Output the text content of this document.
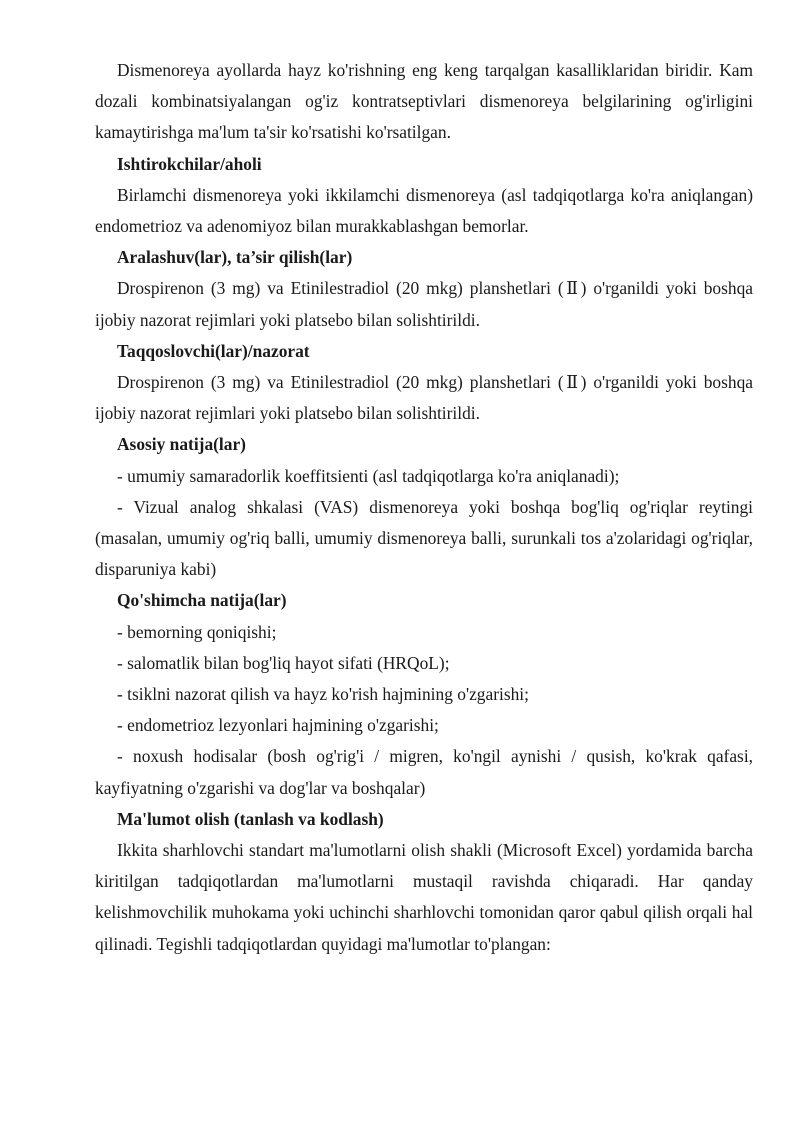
Dismenoreya ayollarda hayz ko'rishning eng keng tarqalgan kasalliklaridan biridir. Kam dozali kombinatsiyalangan og'iz kontratseptivlari dismenoreya belgilarining og'irligini kamaytirishga ma'lum ta'sir ko'rsatishi ko'rsatilgan.

Ishtirokchilar/aholi

Birlamchi dismenoreya yoki ikkilamchi dismenoreya (asl tadqiqotlarga ko'ra aniqlangan) endometrioz va adenomiyoz bilan murakkablashgan bemorlar.

Aralashuv(lar), ta’sir qilish(lar)

Drospirenon (3 mg) va Etinilestradiol (20 mkg) planshetlari (Ⅱ) o'rganildi yoki boshqa ijobiy nazorat rejimlari yoki platsebo bilan solishtirildi.

Taqqoslovchi(lar)/nazorat

Drospirenon (3 mg) va Etinilestradiol (20 mkg) planshetlari (Ⅱ) o'rganildi yoki boshqa ijobiy nazorat rejimlari yoki platsebo bilan solishtirildi.

Asosiy natija(lar)

- umumiy samaradorlik koeffitsienti (asl tadqiqotlarga ko'ra aniqlanadi);

- Vizual analog shkalasi (VAS) dismenoreya yoki boshqa bog'liq og'riqlar reytingi (masalan, umumiy og'riq balli, umumiy dismenoreya balli, surunkali tos a'zolaridagi og'riqlar, disparuniya kabi)

Qo'shimcha natija(lar)

- bemorning qoniqishi;

- salomatlik bilan bog'liq hayot sifati (HRQoL);

- tsiklni nazorat qilish va hayz ko'rish hajmining o'zgarishi;

- endometrioz lezyonlari hajmining o'zgarishi;

- noxush hodisalar (bosh og'rig'i / migren, ko'ngil aynishi / qusish, ko'krak qafasi, kayfiyatning o'zgarishi va dog'lar va boshqalar)

Ma'lumot olish (tanlash va kodlash)

Ikkita sharhlovchi standart ma'lumotlarni olish shakli (Microsoft Excel) yordamida barcha kiritilgan tadqiqotlardan ma'lumotlarni mustaqil ravishda chiqaradi. Har qanday kelishmovchilik muhokama yoki uchinchi sharhlovchi tomonidan qaror qabul qilish orqali hal qilinadi. Tegishli tadqiqotlardan quyidagi ma'lumotlar to'plangan:
